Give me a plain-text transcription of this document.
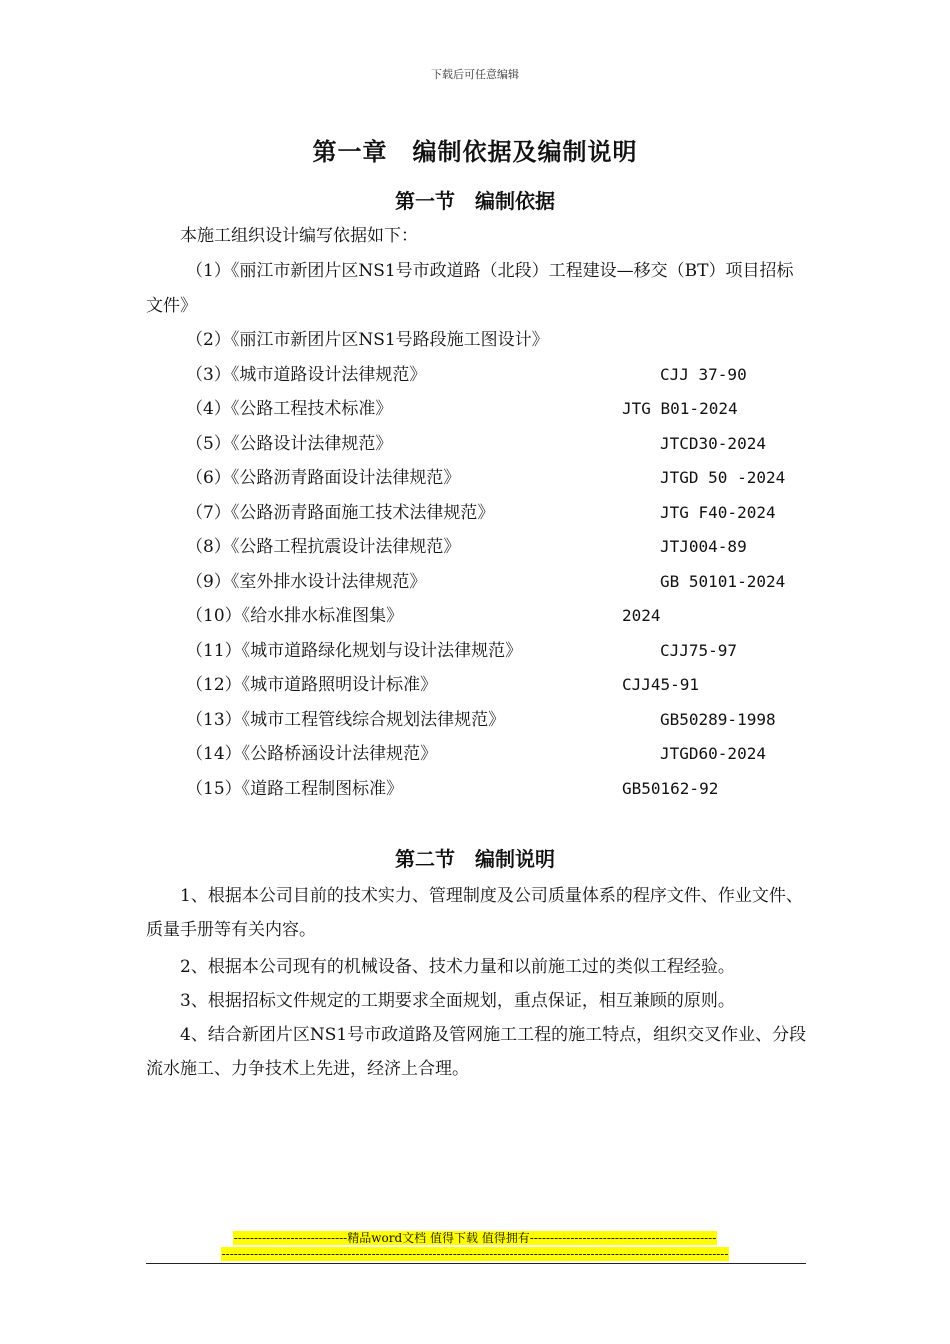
下载后可任意编辑
第一章　编制依据及编制说明
第一节　编制依据
本施工组织设计编写依据如下：
（1）《丽江市新团片区NS1号市政道路（北段）工程建设—移交（BT）项目招标文件》
（2）《丽江市新团片区NS1号路段施工图设计》
（3）《城市道路设计法律规范》	CJJ 37-90
（4）《公路工程技术标准》	JTG B01-2024
（5）《公路设计法律规范》	JTCD30-2024
（6）《公路沥青路面设计法律规范》	JTGD 50 -2024
（7）《公路沥青路面施工技术法律规范》	JTG F40-2024
（8）《公路工程抗震设计法律规范》	JTJ004-89
（9）《室外排水设计法律规范》	GB 50101-2024
（10）《给水排水标准图集》	2024
（11）《城市道路绿化规划与设计法律规范》	CJJ75-97
（12）《城市道路照明设计标准》	CJJ45-91
（13）《城市工程管线综合规划法律规范》	GB50289-1998
（14）《公路桥涵设计法律规范》	JTGD60-2024
（15）《道路工程制图标准》	GB50162-92
第二节　编制说明
1、根据本公司目前的技术实力、管理制度及公司质量体系的程序文件、作业文件、质量手册等有关内容。
2、根据本公司现有的机械设备、技术力量和以前施工过的类似工程经验。
3、根据招标文件规定的工期要求全面规划，重点保证，相互兼顾的原则。
4、结合新团片区NS1号市政道路及管网施工工程的施工特点，组织交叉作业、分段流水施工、力争技术上先进，经济上合理。
----------------------------精品word文档 值得下载 值得拥有----------------------------------------------
-----------------------------------------------------------------------------------------------------------------------------
